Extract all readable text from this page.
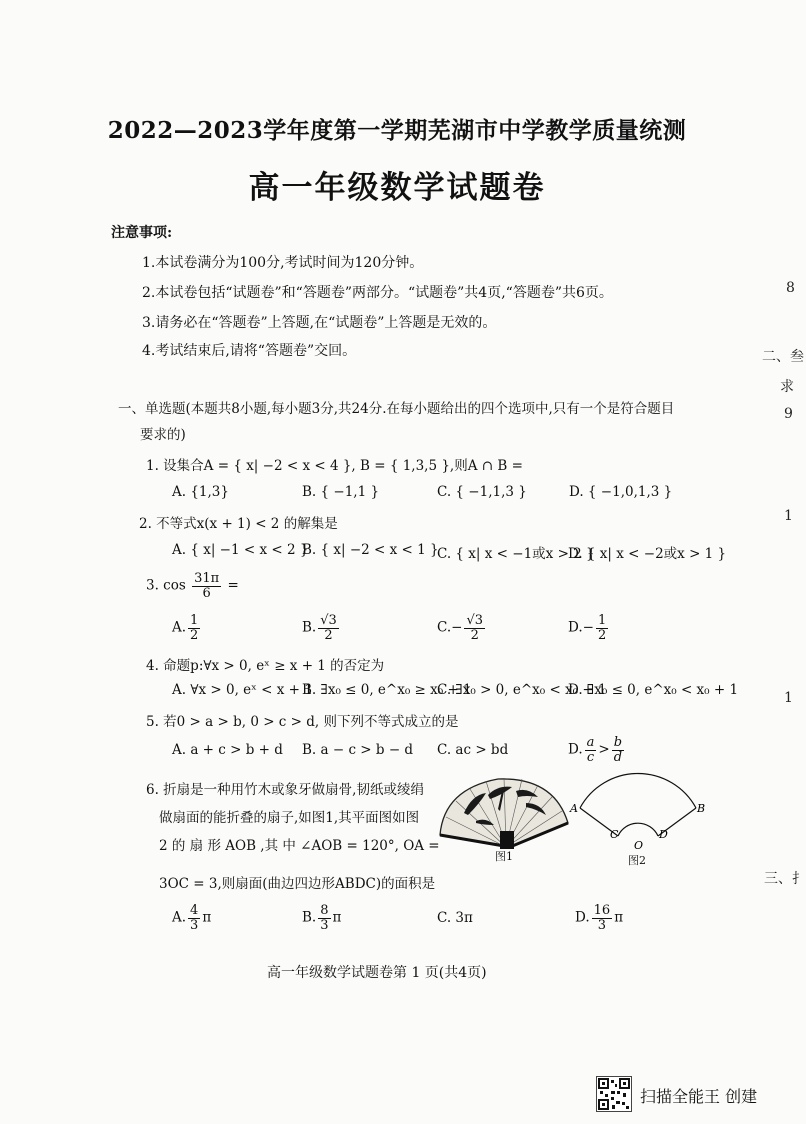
2022—2023学年度第一学期芜湖市中学教学质量统测
高一年级数学试题卷
注意事项:
1.本试卷满分为100分,考试时间为120分钟。
2.本试卷包括“试题卷”和“答题卷”两部分。“试题卷”共4页,“答题卷”共6页。
3.请务必在“答题卷”上答题,在“试题卷”上答题是无效的。
4.考试结束后,请将“答题卷”交回。
一、单选题(本题共8小题,每小题3分,共24分.在每小题给出的四个选项中,只有一个是符合题目
要求的)
1. 设集合A = { x| −2 < x < 4 }, B = { 1,3,5 },则A ∩ B =
A. {1,3}	B. { −1,1 }	C. { −1,1,3 }	D. { −1,0,1,3 }
2. 不等式x(x + 1) < 2 的解集是
A. { x| −1 < x < 2 }
B. { x| −2 < x < 1 }
C. { x| x < −1或x > 2 }
D. { x| x < −2或x > 1 }
3. $\cos \frac{31\pi}{6}$ =
A. $\frac{1}{2}$	B. $\frac{√3}{2}$	$C.- \frac{√3}{2}$	$D.- \frac{1}{2}$
4. 命题p:∀x > 0, eˣ ≥ x + 1 的否定为
A. ∀x > 0, eˣ < x + 1
B. ∃x₀ ≤ 0, e^x₀ ≥ x₀ + 1
C. ∃x₀ > 0, e^x₀ < x₀ + 1
D. ∃x₀ ≤ 0, e^x₀ < x₀ + 1
5. 若0 > a > b, 0 > c > d, 则下列不等式成立的是
A. a + c > b + d B. a − c > b − d C. ac > bd	D. $\frac{a}{c} > \frac{b}{d}$
6. 折扇是一种用竹木或象牙做扇骨,韧纸或绫绢
做扇面的能折叠的扇子,如图1,其平面图如图
2 的 扇 形 AOB ,其 中 ∠AOB = 120°, OA =
3OC = 3,则扇面(曲边四边形ABDC)的面积是
A. $\frac{4}{3}$ π	B. $\frac{8}{3}$ π	C. 3π	D. $\frac{16}{3}$ π
图1
A	B
C	D
O
图2
高一年级数学试题卷第 1 页(共4页)
扫描全能王 创建
8
二、叁
求
9
1
1
三、扌
